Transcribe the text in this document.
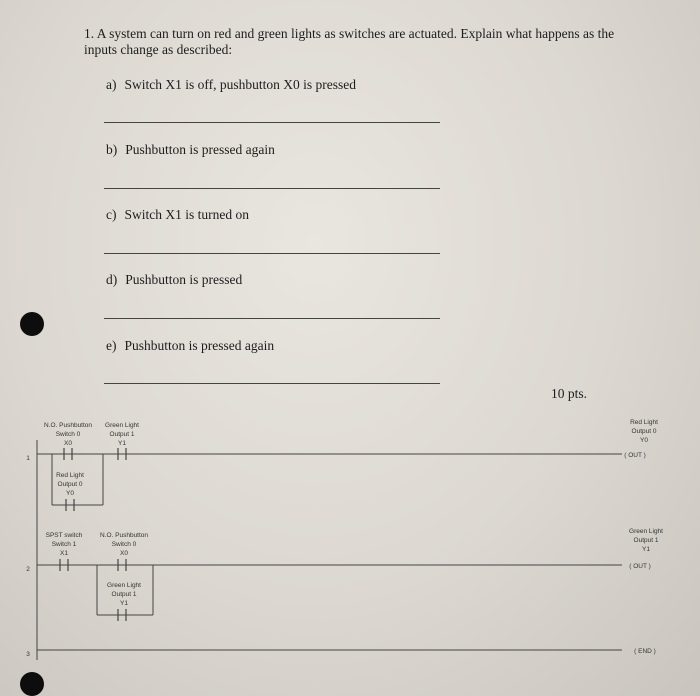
1. A system can turn on red and green lights as switches are actuated. Explain what happens as the inputs change as described:
a) Switch X1 is off, pushbutton X0 is pressed
b) Pushbutton is pressed again
c) Switch X1 is turned on
d) Pushbutton is pressed
e) Pushbutton is pressed again
10 pts.
1
2
3
N.O. Pushbutton
Switch 0
X0
Green Light
Output 1
Y1
Red Light
Output 0
Y0
Red Light
Output 0
Y0
( OUT )
SPST switch
Switch 1
X1
N.O. Pushbutton
Switch 0
X0
Green Light
Output 1
Y1
Green Light
Output 1
Y1
( OUT )
( END )
